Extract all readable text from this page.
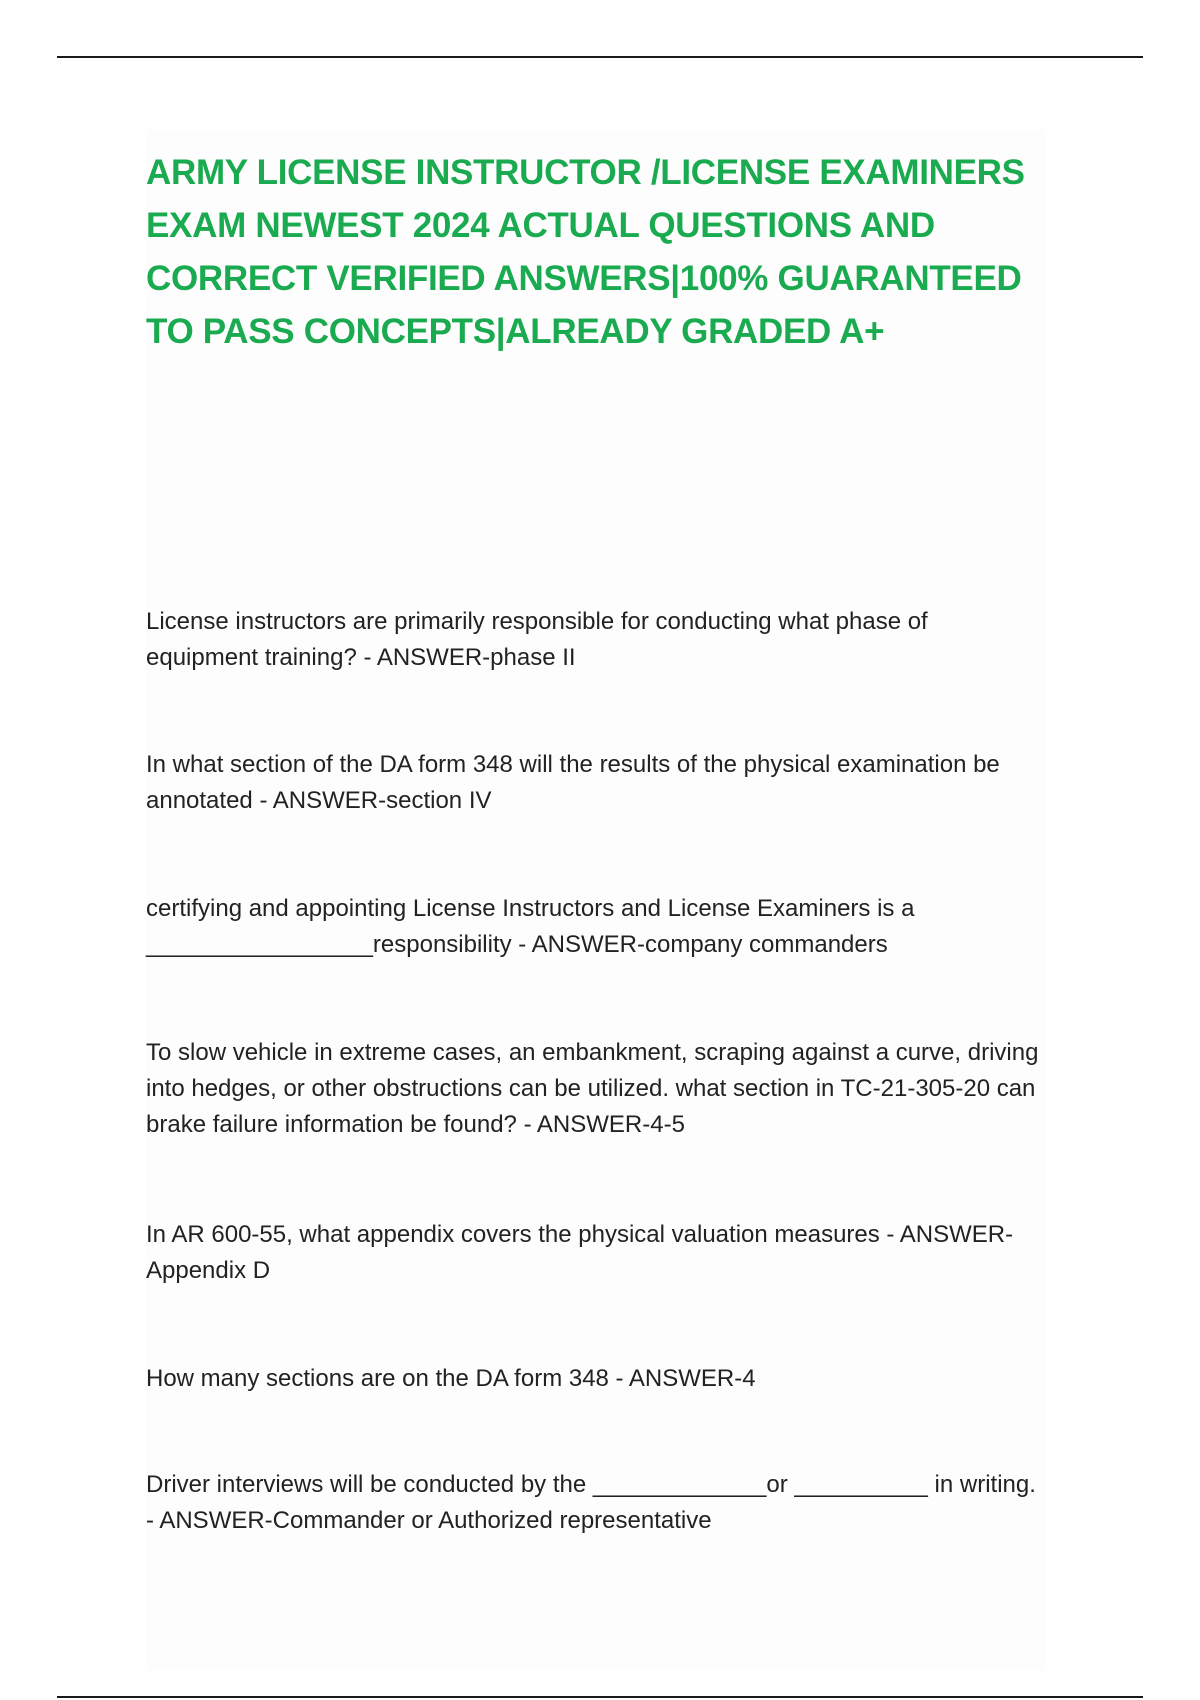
ARMY LICENSE INSTRUCTOR /LICENSE EXAMINERS EXAM NEWEST 2024 ACTUAL QUESTIONS AND CORRECT VERIFIED ANSWERS|100% GUARANTEED TO PASS CONCEPTS|ALREADY GRADED A+

License instructors are primarily responsible for conducting what phase of equipment training? - ANSWER-phase II

In what section of the DA form 348 will the results of the physical examination be annotated - ANSWER-section IV

certifying and appointing License Instructors and License Examiners is a _________________responsibility - ANSWER-company commanders

To slow vehicle in extreme cases, an embankment, scraping against a curve, driving into hedges, or other obstructions can be utilized. what section in TC-21-305-20 can brake failure information be found? - ANSWER-4-5

In AR 600-55, what appendix covers the physical valuation measures - ANSWER-Appendix D

How many sections are on the DA form 348 - ANSWER-4

Driver interviews will be conducted by the _____________or __________ in writing. - ANSWER-Commander or Authorized representative
